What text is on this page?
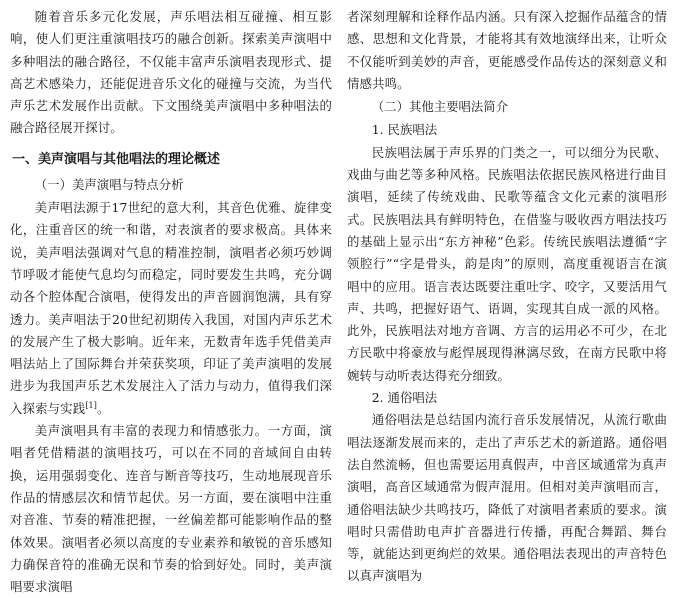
随着音乐多元化发展，声乐唱法相互碰撞、相互影响，使人们更注重演唱技巧的融合创新。探索美声演唱中多种唱法的融合路径，不仅能丰富声乐演唱表现形式、提高艺术感染力，还能促进音乐文化的碰撞与交流，为当代声乐艺术发展作出贡献。下文围绕美声演唱中多种唱法的融合路径展开探讨。

一、美声演唱与其他唱法的理论概述
（一）美声演唱与特点分析

美声唱法源于17世纪的意大利，其音色优雅、旋律变化，注重音区的统一和谐，对表演者的要求极高。具体来说，美声唱法强调对气息的精准控制，演唱者必须巧妙调节呼吸才能使气息均匀而稳定，同时要发生共鸣，充分调动各个腔体配合演唱，使得发出的声音圆润饱满，具有穿透力。美声唱法于20世纪初期传入我国，对国内声乐艺术的发展产生了极大影响。近年来，无数青年选手凭借美声唱法站上了国际舞台并荣获奖项，印证了美声演唱的发展进步为我国声乐艺术发展注入了活力与动力，值得我们深入探索与实践[1]。

美声演唱具有丰富的表现力和情感张力。一方面，演唱者凭借精湛的演唱技巧，可以在不同的音域间自由转换，运用强弱变化、连音与断音等技巧，生动地展现音乐作品的情感层次和情节起伏。另一方面，要在演唱中注重对音准、节奏的精准把握，一丝偏差都可能影响作品的整体效果。演唱者必须以高度的专业素养和敏锐的音乐感知力确保音符的准确无误和节奏的恰到好处。同时，美声演唱要求演唱

者深刻理解和诠释作品内涵。只有深入挖掘作品蕴含的情感、思想和文化背景，才能将其有效地演绎出来，让听众不仅能听到美妙的声音，更能感受作品传达的深刻意义和情感共鸣。

（二）其他主要唱法简介
1. 民族唱法

民族唱法属于声乐界的门类之一，可以细分为民歌、戏曲与曲艺等多种风格。民族唱法依据民族风格进行曲目演唱，延续了传统戏曲、民歌等蕴含文化元素的演唱形式。民族唱法具有鲜明特色，在借鉴与吸收西方唱法技巧的基础上显示出“东方神秘”色彩。传统民族唱法遵循“字领腔行”“字是骨头，韵是肉”的原则，高度重视语言在演唱中的应用。语言表达既要注重吐字、咬字，又要活用气声、共鸣，把握好语气、语调，实现其自成一派的风格。此外，民族唱法对地方音调、方言的运用必不可少，在北方民歌中将豪放与彪悍展现得淋漓尽致，在南方民歌中将婉转与动听表达得充分细致。

2. 通俗唱法

通俗唱法是总结国内流行音乐发展情况，从流行歌曲唱法逐渐发展而来的，走出了声乐艺术的新道路。通俗唱法自然流畅，但也需要运用真假声，中音区域通常为真声演唱，高音区域通常为假声混用。但相对美声演唱而言，通俗唱法缺少共鸣技巧，降低了对演唱者素质的要求。演唱时只需借助电声扩音器进行传播，再配合舞蹈、舞台等，就能达到更绚烂的效果。通俗唱法表现出的声音特色以真声演唱为
